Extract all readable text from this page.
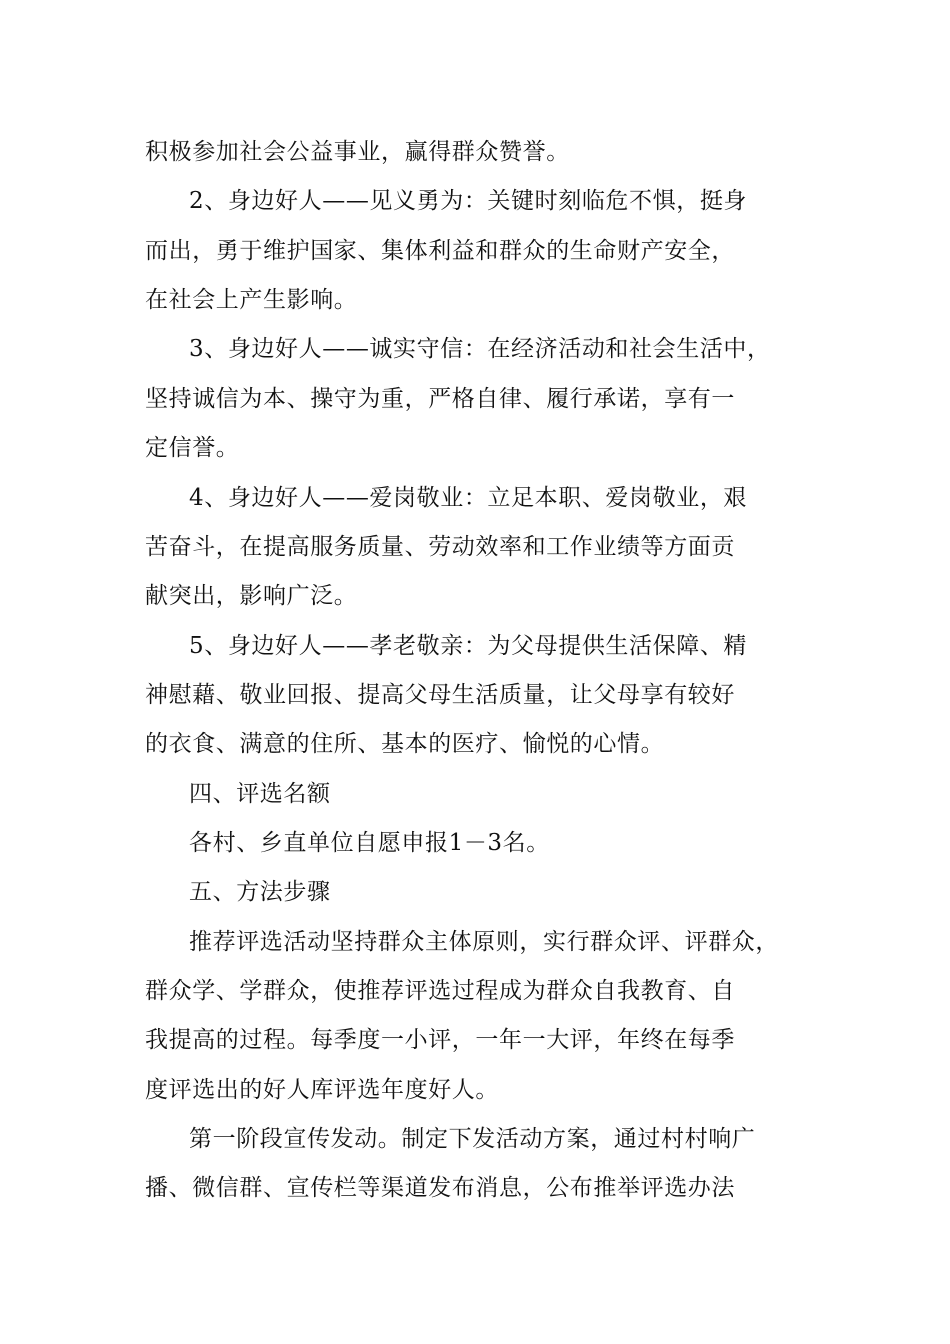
积极参加社会公益事业，赢得群众赞誉。
2、身边好人——见义勇为：关键时刻临危不惧，挺身
而出，勇于维护国家、集体利益和群众的生命财产安全，
在社会上产生影响。
3、身边好人——诚实守信：在经济活动和社会生活中，
坚持诚信为本、操守为重，严格自律、履行承诺，享有一
定信誉。
4、身边好人——爱岗敬业：立足本职、爱岗敬业，艰
苦奋斗，在提高服务质量、劳动效率和工作业绩等方面贡
献突出，影响广泛。
5、身边好人——孝老敬亲：为父母提供生活保障、精
神慰藉、敬业回报、提高父母生活质量，让父母享有较好
的衣食、满意的住所、基本的医疗、愉悦的心情。
四、评选名额
各村、乡直单位自愿申报1－3名。
五、方法步骤
推荐评选活动坚持群众主体原则，实行群众评、评群众，
群众学、学群众，使推荐评选过程成为群众自我教育、自
我提高的过程。每季度一小评，一年一大评，年终在每季
度评选出的好人库评选年度好人。
第一阶段宣传发动。制定下发活动方案，通过村村响广
播、微信群、宣传栏等渠道发布消息，公布推举评选办法
